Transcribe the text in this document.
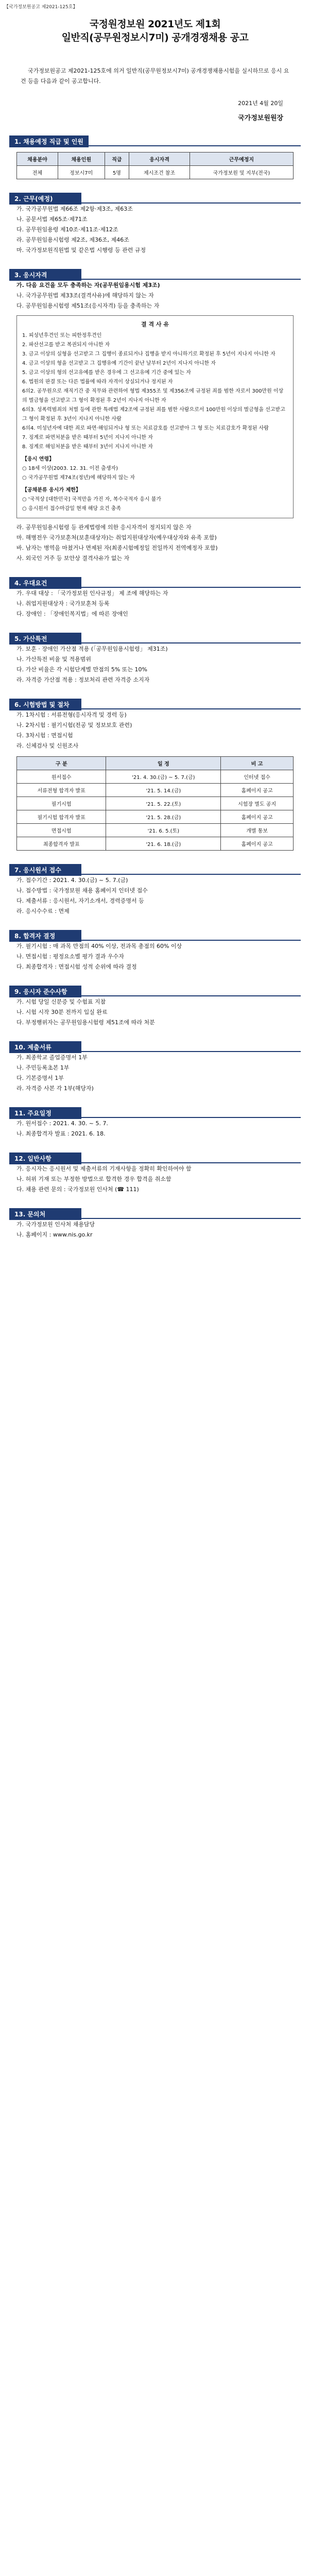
【국가정보원공고 제2021-125호】
국정원정보원 2021년도 제1회
일반직(공무원정보시7미) 공개경쟁채용 공고
국가정보원공고 제2021-125호에 의거 일반직(공무원정보시7미) 공개경쟁채용시험을 실시하므로 응시 요건 등을 다음과 같이 공고합니다.
2021년 4월 20일
국가정보원원장
1. 채용예정 직급 및 인원
채용분야	채용인원	직급	응시자격	근무예정지
전체	정보시7미	5명	제시조건 참조	국가정보원 및 지부(전국)
2. 근무(예정)
가. 국가공무원법 제66조 제2항·제3조, 제63조
나. 공문서법 제65조·제71조
다. 공무원임용령 제10조·제11조·제12조
라. 공무원임용시험령 제2조, 제36조, 제46조
마. 국가정보원직원법 및 같은법 시행령 등 관련 규정
3. 응시자격
가. 다음 요건을 모두 충족하는 자(공무원임용시험 제3조)
나. 국가공무원법 제33조(결격사유)에 해당하지 않는 자
다. 공무원임용시험령 제51조(응시자격) 등을 충족하는 자
결 격 사 유
1. 피성년후견인 또는 피한정후견인
2. 파산선고를 받고 복권되지 아니한 자
3. 금고 이상의 실형을 선고받고 그 집행이 종료되거나 집행을 받지 아니하기로 확정된 후 5년이 지나지 아니한 자
4. 금고 이상의 형을 선고받고 그 집행유예 기간이 끝난 날부터 2년이 지나지 아니한 자
5. 금고 이상의 형의 선고유예를 받은 경우에 그 선고유예 기간 중에 있는 자
6. 법원의 판결 또는 다른 법률에 따라 자격이 상실되거나 정지된 자
6의2. 공무원으로 재직기간 중 직무와 관련하여 형법 제355조 및 제356조에 규정된 죄를 범한 자로서 300만원 이상의 벌금형을 선고받고 그 형이 확정된 후 2년이 지나지 아니한 자
6의3. 성폭력범죄의 처벌 등에 관한 특례법 제2조에 규정된 죄를 범한 사람으로서 100만원 이상의 벌금형을 선고받고 그 형이 확정된 후 3년이 지나지 아니한 사람
6의4. 미성년자에 대한 죄로 파면·해임되거나 형 또는 치료감호를 선고받아 그 형 또는 치료감호가 확정된 사람
7. 징계로 파면처분을 받은 때부터 5년이 지나지 아니한 자
8. 징계로 해임처분을 받은 때부터 3년이 지나지 아니한 자
【응시 연령】
○ 18세 이상(2003. 12. 31. 이전 출생자)
○ 국가공무원법 제74조(정년)에 해당하지 않는 자
【공채분류 응시가 제한】
○ '국적상 [대한민국] 국적만을 가진 자, 복수국적자 응시 불가
○ 응시원서 접수마감일 현재 해당 요건 충족
라. 공무원임용시험령 등 관계법령에 의한 응시자격이 정지되지 않은 자
마. 해병전우 국가보훈처(보훈대상자)는 취업지원대상자(예우대상자와 유족 포함)
바. 남자는 병역을 마쳤거나 면제된 자(최종시험예정일 전일까지 전역예정자 포함)
사. 외국인 거주 등 보안상 결격사유가 없는 자
4. 우대요건
가. 우대 대상 : 「국가정보원 인사규정」 제 조에 해당하는 자
나. 취업지원대상자 : 국가보훈처 등록
다. 장애인 : 「장애인복지법」에 따른 장애인
5. 가산특전
가. 보훈 · 장애인 가산점 적용 (「공무원임용시험령」 제31조)
나. 가산특전 비율 및 적용범위
다. 가산 비율은 각 시험단계별 만점의 5% 또는 10%
라. 자격증 가산점 적용 : 정보처리 관련 자격증 소지자
6. 시험방법 및 절차
가. 1차시험 : 서류전형(응시자격 및 경력 등)
나. 2차시험 : 필기시험(전공 및 정보보호 관련)
다. 3차시험 : 면접시험
라. 신체검사 및 신원조사
구 분	일 정	비 고
원서접수	'21. 4. 30.(금) ~ 5. 7.(금)	인터넷 접수
서류전형 합격자 발표	'21. 5. 14.(금)	홈페이지 공고
필기시험	'21. 5. 22.(토)	시험장 별도 공지
필기시험 합격자 발표	'21. 5. 28.(금)	홈페이지 공고
면접시험	'21. 6. 5.(토)	개별 통보
최종합격자 발표	'21. 6. 18.(금)	홈페이지 공고
7. 응시원서 접수
가. 접수기간 : 2021. 4. 30.(금) ~ 5. 7.(금)
나. 접수방법 : 국가정보원 채용 홈페이지 인터넷 접수
다. 제출서류 : 응시원서, 자기소개서, 경력증명서 등
라. 응시수수료 : 면제
8. 합격자 결정
가. 필기시험 : 매 과목 만점의 40% 이상, 전과목 총점의 60% 이상
나. 면접시험 : 평정요소별 평가 결과 우수자
다. 최종합격자 : 면접시험 성적 순위에 따라 결정
9. 응시자 준수사항
가. 시험 당일 신분증 및 수험표 지참
나. 시험 시작 30분 전까지 입실 완료
다. 부정행위자는 공무원임용시험령 제51조에 따라 처분
10. 제출서류
가. 최종학교 졸업증명서 1부
나. 주민등록초본 1부
다. 기본증명서 1부
라. 자격증 사본 각 1부(해당자)
11. 주요일정
가. 원서접수 : 2021. 4. 30. ~ 5. 7.
나. 최종합격자 발표 : 2021. 6. 18.
12. 일반사항
가. 응시자는 응시원서 및 제출서류의 기재사항을 정확히 확인하여야 함
나. 허위 기재 또는 부정한 방법으로 합격한 경우 합격을 취소함
다. 채용 관련 문의 : 국가정보원 인사처 (☎ 111)
13. 문의처
가. 국가정보원 인사처 채용담당
나. 홈페이지 : www.nis.go.kr
